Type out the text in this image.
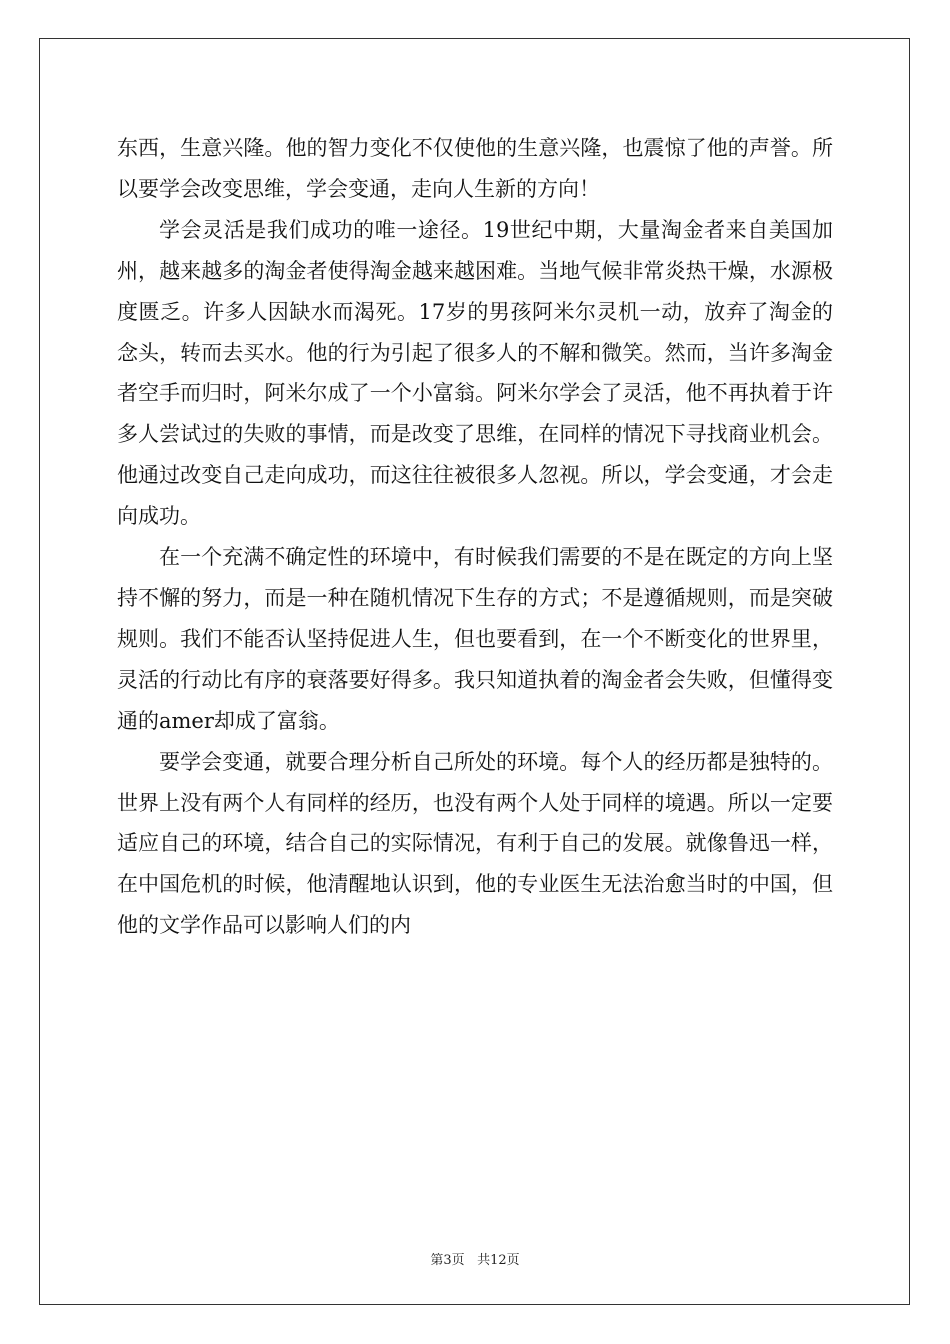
东西，生意兴隆。他的智力变化不仅使他的生意兴隆，也震惊了他的声誉。所以要学会改变思维，学会变通，走向人生新的方向！

学会灵活是我们成功的唯一途径。19世纪中期，大量淘金者来自美国加州，越来越多的淘金者使得淘金越来越困难。当地气候非常炎热干燥，水源极度匮乏。许多人因缺水而渴死。17岁的男孩阿米尔灵机一动，放弃了淘金的念头，转而去买水。他的行为引起了很多人的不解和微笑。然而，当许多淘金者空手而归时，阿米尔成了一个小富翁。阿米尔学会了灵活，他不再执着于许多人尝试过的失败的事情，而是改变了思维，在同样的情况下寻找商业机会。他通过改变自己走向成功，而这往往被很多人忽视。所以，学会变通，才会走向成功。

在一个充满不确定性的环境中，有时候我们需要的不是在既定的方向上坚持不懈的努力，而是一种在随机情况下生存的方式；不是遵循规则，而是突破规则。我们不能否认坚持促进人生，但也要看到，在一个不断变化的世界里，灵活的行动比有序的衰落要好得多。我只知道执着的淘金者会失败，但懂得变通的amer却成了富翁。

要学会变通，就要合理分析自己所处的环境。每个人的经历都是独特的。世界上没有两个人有同样的经历，也没有两个人处于同样的境遇。所以一定要适应自己的环境，结合自己的实际情况，有利于自己的发展。就像鲁迅一样，在中国危机的时候，他清醒地认识到，他的专业医生无法治愈当时的中国，但他的文学作品可以影响人们的内

第3页 共12页
